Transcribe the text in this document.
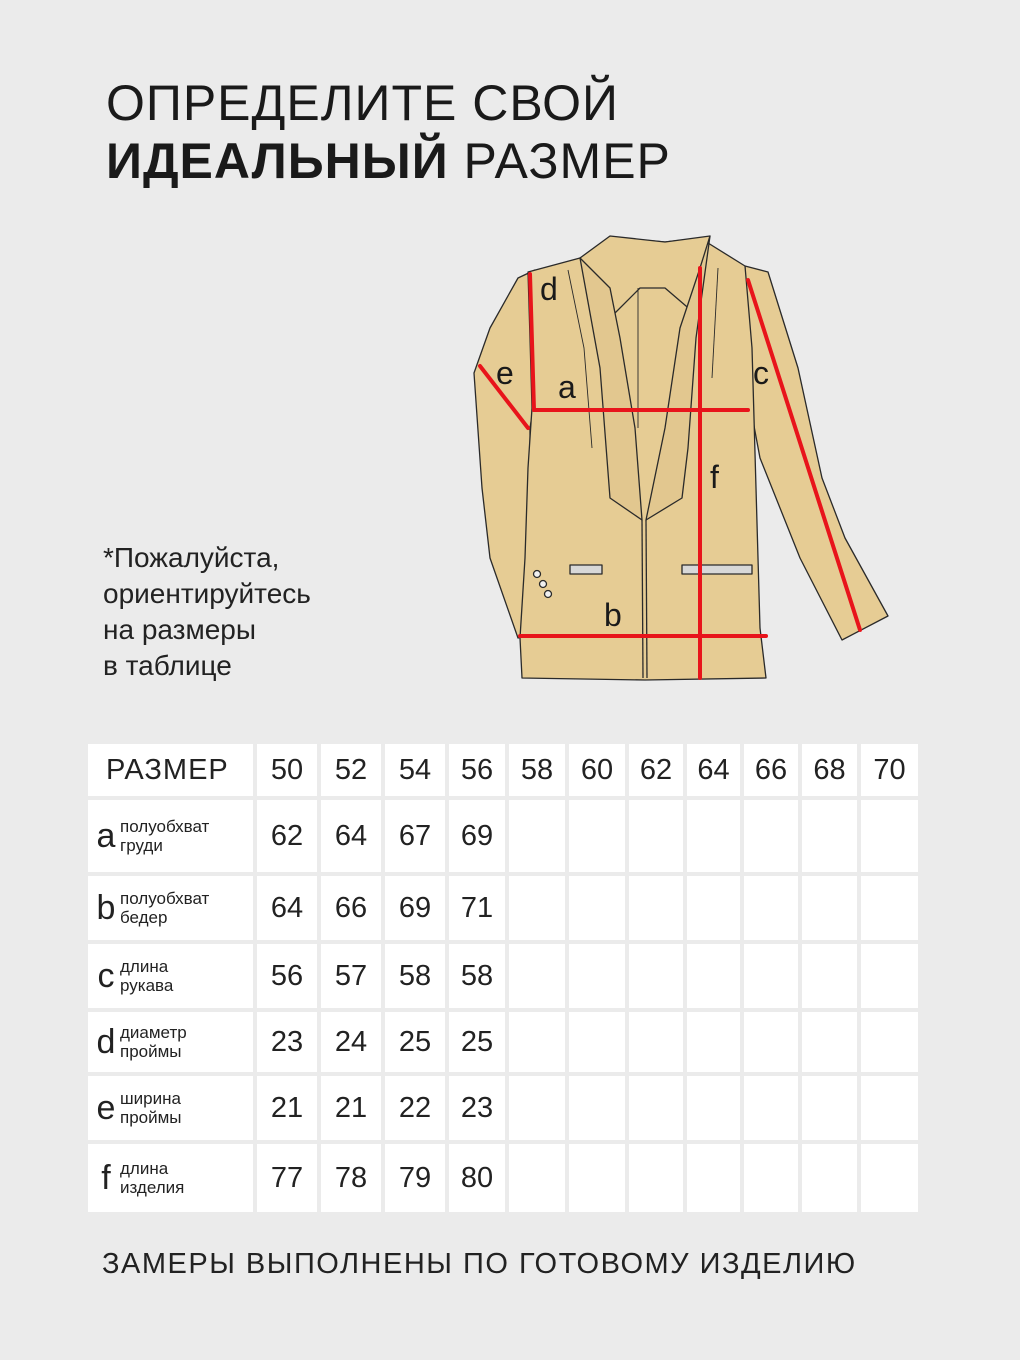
ОПРЕДЕЛИТЕ СВОЙ
ИДЕАЛЬНЫЙ РАЗМЕР
*Пожалуйста,
ориентируйтесь
на размеры
в таблице
d
a	c
e
f
b
РАЗМЕР	50	52	54	56	58	60	62	64	66	68	70
a полуобхват
груди	62	64	67	69							
b полуобхват
бедер	64	66	69	71							
c длина
рукава	56	57	58	58							
d диаметр
проймы	23	24	25	25							
e ширина
проймы	21	21	22	23							
f длина
изделия	77	78	79	80							
ЗАМЕРЫ ВЫПОЛНЕНЫ ПО ГОТОВОМУ ИЗДЕЛИЮ
